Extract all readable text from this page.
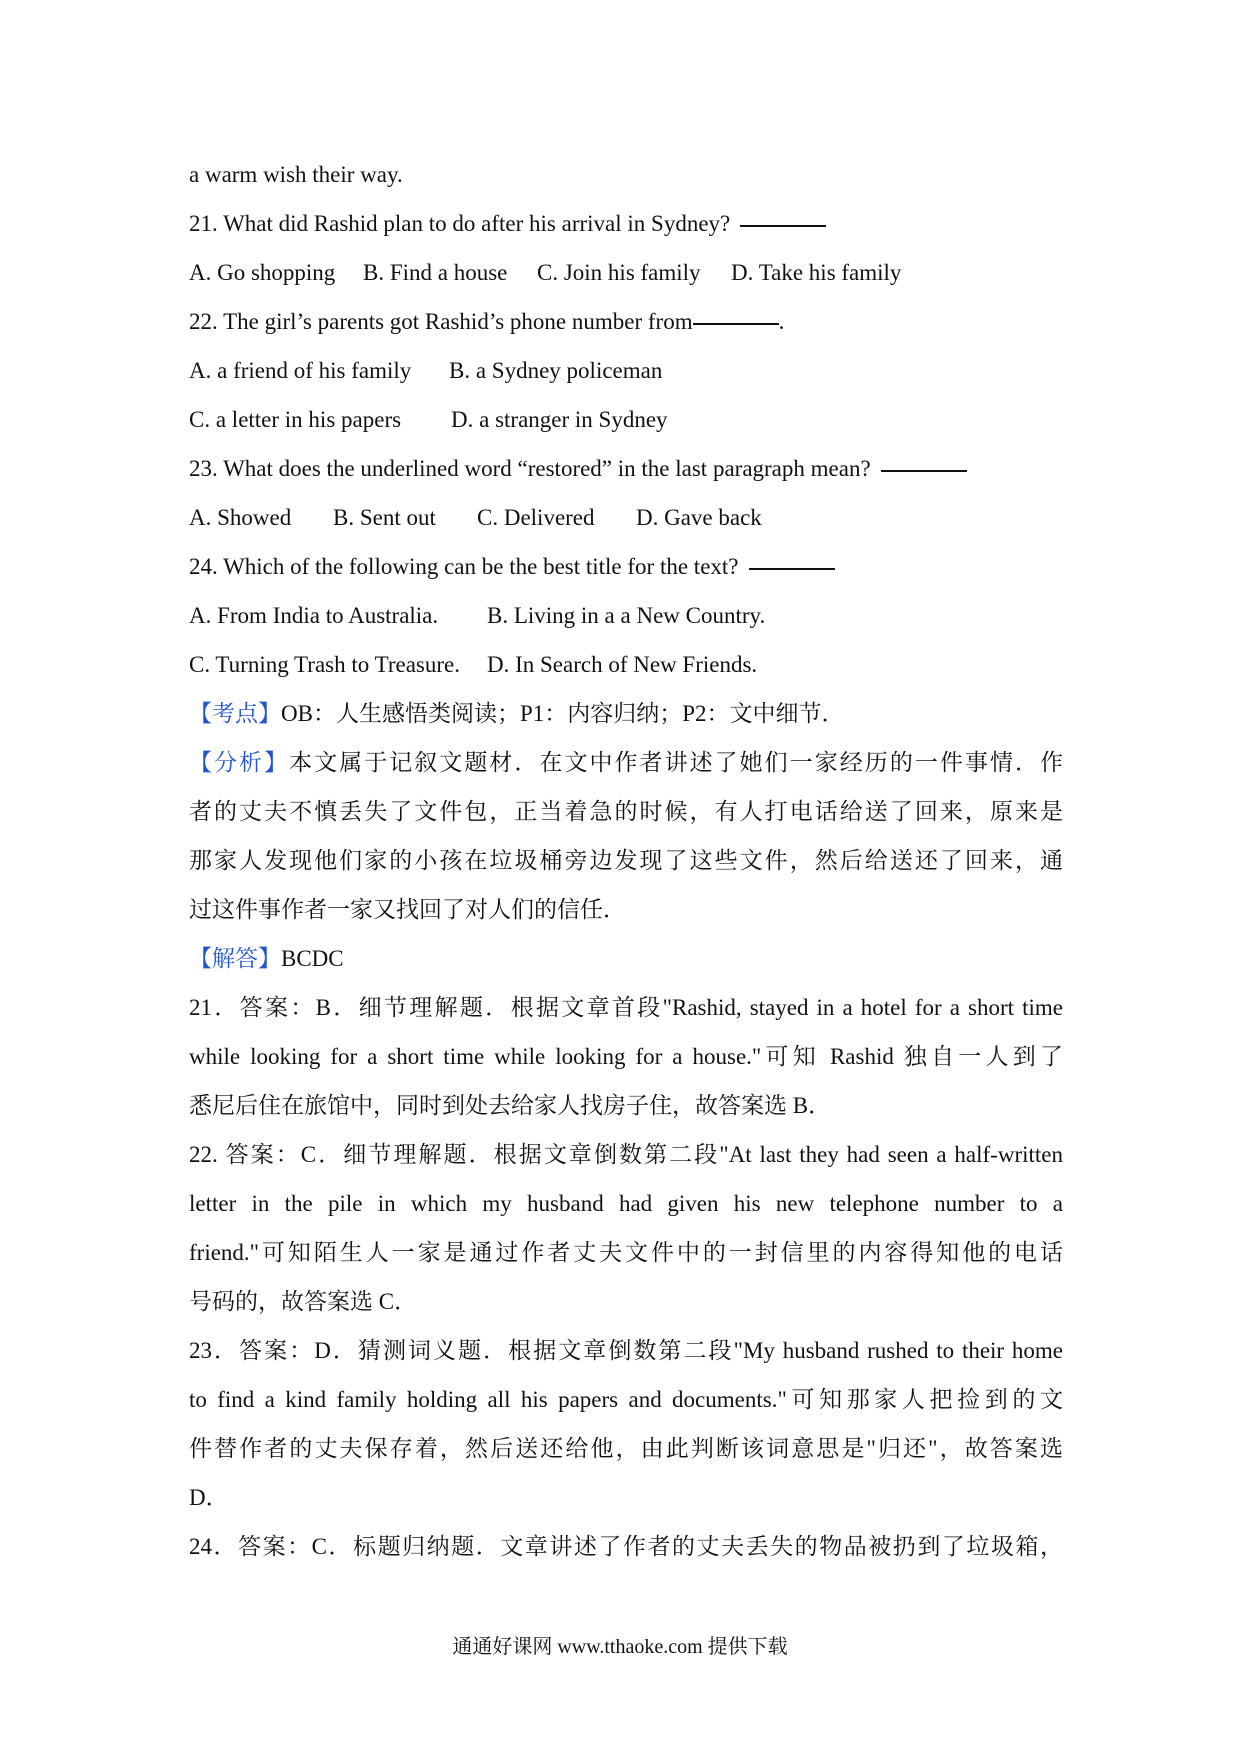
a warm wish their way.
21. What did Rashid plan to do after his arrival in Sydney?
A. Go shopping B. Find a house C. Join his family D. Take his family
22. The girl’s parents got Rashid’s phone number from	.
A. a friend of his family B. a Sydney policeman
C. a letter in his papers D. a stranger in Sydney
23. What does the underlined word “restored” in the last paragraph mean?
A. Showed B. Sent out C. Delivered D. Gave back
24. Which of the following can be the best title for the text?
A. From India to Australia. B. Living in a a New Country.
C. Turning Trash to Treasure. D. In Search of New Friends.
【考点】OB：人生感悟类阅读；P1：内容归纳；P2：文中细节．
【分析】本文属于记叙文题材．在文中作者讲述了她们一家经历的一件事情．作
者的丈夫不慎丢失了文件包，正当着急的时候，有人打电话给送了回来，原来是
那家人发现他们家的小孩在垃圾桶旁边发现了这些文件，然后给送还了回来，通
过这件事作者一家又找回了对人们的信任．
【解答】BCDC
21．答案：B．细节理解题．根据文章首段"Rashid, stayed in a hotel for a short time
while looking for a short time while looking for a house."可知 Rashid 独自一人到了
悉尼后住在旅馆中，同时到处去给家人找房子住，故答案选 B．
22. 答案：C．细节理解题．根据文章倒数第二段"At last they had seen a half-written
letter in the pile in which my husband had given his new telephone number to a
friend."可知陌生人一家是通过作者丈夫文件中的一封信里的内容得知他的电话
号码的，故答案选 C．
23．答案：D．猜测词义题．根据文章倒数第二段"My husband rushed to their home
to find a kind family holding all his papers and documents."可知那家人把捡到的文
件替作者的丈夫保存着，然后送还给他，由此判断该词意思是"归还"，故答案选
D．
24．答案：C．标题归纳题．文章讲述了作者的丈夫丢失的物品被扔到了垃圾箱，
通通好课网 www.tthaoke.com 提供下载
